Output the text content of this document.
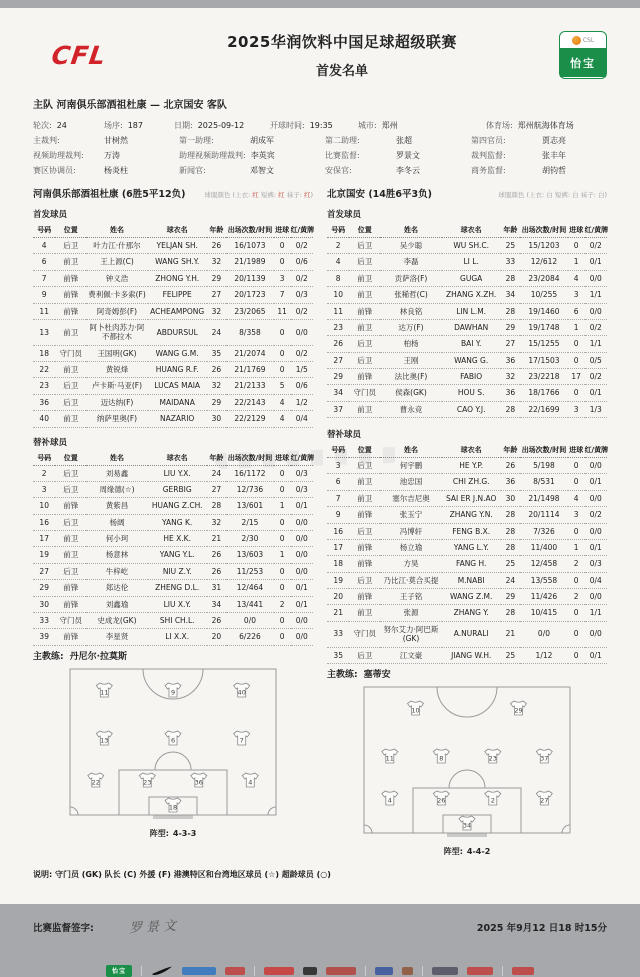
CFL	2025华润饮料中国足球超级联赛
首发名单
CSL
怡宝
主队 河南俱乐部酒祖杜康 — 北京国安 客队
轮次: 24	场序: 187	日期: 2025-09-12	开球时间: 19:35	城市: 郑州	体育场: 郑州航海体育场
主裁判:	甘树然	第一助理:	胡成军	第二助理:	张超	第四官员:	贾志亮
视频助理裁判:	万涛	助理视频助理裁判: 李英宾	比赛监督:	罗景文	裁判监督:	张丰年
赛区协调员:	杨炎柱	新闻官:	邓智文	安保官:	李冬云	商务监督:	胡钧哲
河南俱乐部酒祖杜康 (6胜5平12负)	球服颜色 (上衣: 红 短裤: 红 袜子: 红)
首发球员
号码	位置	姓名	球衣名	年龄	出场次数/时间	进球	红/黄牌
4	后卫	叶力江·什那尔	YELJAN SH.	26	16/1073	0	0/2
6	前卫	王上源(C)	WANG SH.Y.	32	21/1989	0	0/6
7	前锋	钟义浩	ZHONG Y.H.	29	20/1139	3	0/2
9	前锋	费利佩·卡多索(F)	FELIPPE	27	20/1723	7	0/3
11	前锋	阿奇姆彭(F)	ACHEAMPONG	32	23/2065	11	0/2
13	前卫	阿卜杜肉苏力·阿不都拉木	ABDURSUL	24	8/358	0	0/0
18	守门员	王国明(GK)	WANG G.M.	35	21/2074	0	0/2
22	前卫	黄锐烽	HUANG R.F.	26	21/1769	0	1/5
23	后卫	卢卡斯·马亚(F)	LUCAS MAIA	32	21/2133	5	0/6
36	后卫	迈达纳(F)	MAIDANA	29	22/2143	4	1/2
40	前卫	纳萨里奥(F)	NAZARIO	30	22/2129	4	0/4
替补球员
号码	位置	姓名	球衣名	年龄	出场次数/时间	进球	红/黄牌
2	后卫	刘易鑫	LIU Y.X.	24	16/1172	0	0/3
3	后卫	周缘德(☆)	GERBIG	27	12/736	0	0/3
10	前锋	黄紫昌	HUANG Z.CH.	28	13/601	1	0/1
16	后卫	杨阔	YANG K.	32	2/15	0	0/0
17	前卫	何小珂	HE X.K.	21	2/30	0	0/0
19	前卫	杨意林	YANG Y.L.	26	13/603	1	0/0
27	后卫	牛梓屹	NIU Z.Y.	26	11/253	0	0/0
29	前锋	郑达伦	ZHENG D.L.	31	12/464	0	0/1
30	前锋	刘鑫瑜	LIU X.Y.	34	13/441	2	0/1
33	守门员	史成龙(GK)	SHI CH.L.	26	0/0	0	0/0
39	前锋	李星贤	LI X.X.	20	6/226	0	0/0
主教练: 丹尼尔·拉莫斯
11	9	40
13	6	7
22	23	36	4
18
阵型: 4-3-3
北京国安 (14胜6平3负)	球服颜色 (上衣: 白 短裤: 白 袜子: 白)
首发球员
号码	位置	姓名	球衣名	年龄	出场次数/时间	进球	红/黄牌
2	后卫	吴少聪	WU SH.C.	25	15/1203	0	0/2
4	后卫	李磊	LI L.	33	12/612	1	0/1
8	前卫	贡萨洛(F)	GUGA	28	23/2084	4	0/0
10	前卫	张稀哲(C)	ZHANG X.ZH.	34	10/255	3	1/1
11	前锋	林良铭	LIN L.M.	28	19/1460	6	0/0
23	前卫	达万(F)	DAWHAN	29	19/1748	1	0/2
26	后卫	柏杨	BAI Y.	27	15/1255	0	1/1
27	后卫	王刚	WANG G.	36	17/1503	0	0/5
29	前锋	法比奥(F)	FABIO	32	23/2218	17	0/2
34	守门员	侯森(GK)	HOU S.	36	18/1766	0	0/1
37	前卫	曹永竞	CAO Y.J.	28	22/1699	3	1/3
替补球员
号码	位置	姓名	球衣名	年龄	出场次数/时间	进球	红/黄牌
3	后卫	何宇鹏	HE Y.P.	26	5/198	0	0/0
6	前卫	池忠国	CHI ZH.G.	36	8/531	0	0/1
7	前卫	塞尔吉尼奥	SAI ER J.N.AO	30	21/1498	4	0/0
9	前锋	张玉宁	ZHANG Y.N.	28	20/1114	3	0/2
16	后卫	冯博轩	FENG B.X.	28	7/326	0	0/0
17	前锋	杨立瑜	YANG L.Y.	28	11/400	1	0/1
18	前锋	方昊	FANG H.	25	12/458	2	0/3
19	后卫	乃比江·莫合买提	M.NABI	24	13/558	0	0/4
20	前锋	王子铭	WANG Z.M.	29	11/426	2	0/0
21	前卫	张源	ZHANG Y.	28	10/415	0	1/1
33	守门员	努尔艾力·阿巴斯(GK)	A.NURALI	21	0/0	0	0/0
35	后卫	江文豪	JIANG W.H.	25	1/12	0	0/1
主教练: 塞蒂安
10	29
11	8	23	37
4	26	2	27
34
阵型: 4-4-2
说明: 守门员 (GK) 队长 (C) 外援 (F) 港澳特区和台湾地区球员 (☆) 超龄球员 (○)
比赛监督签字:	罗景文	2025 年9月12 日18 时15分
怡宝
